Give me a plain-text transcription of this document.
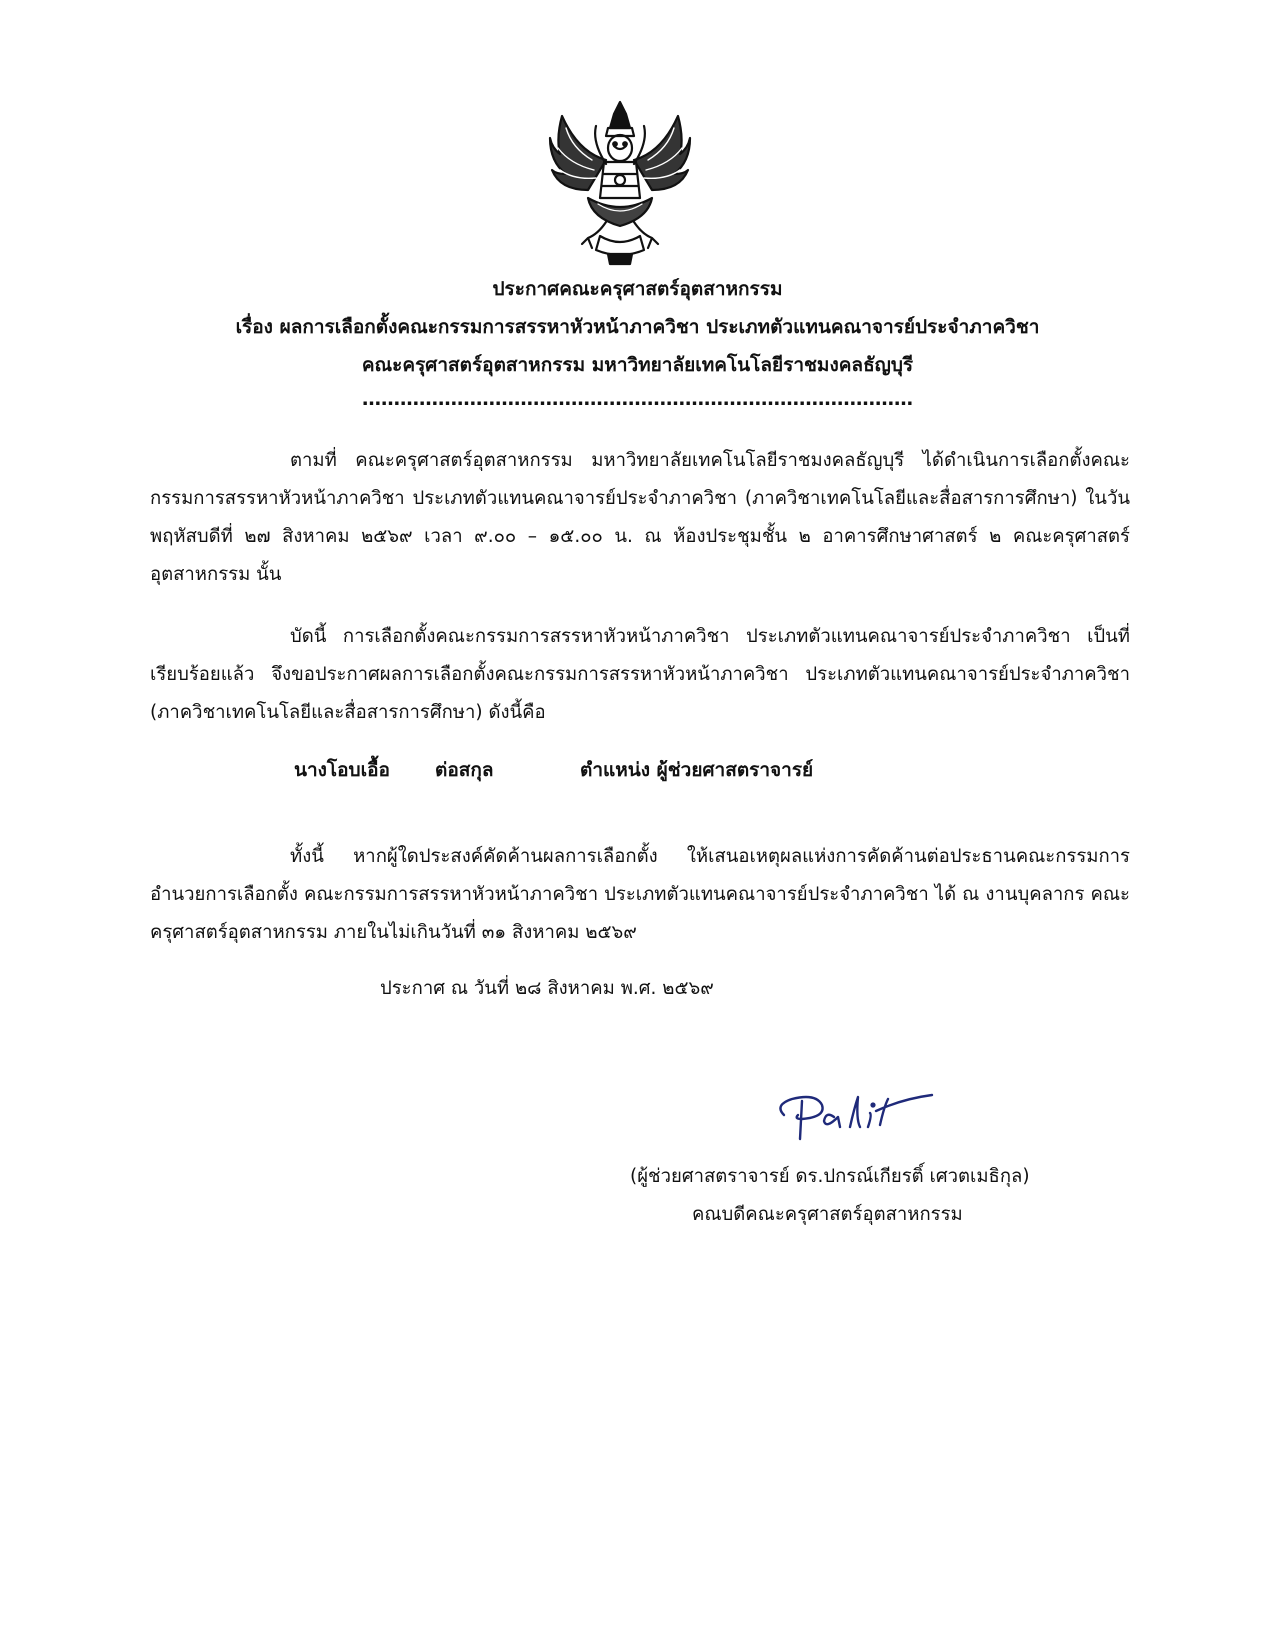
ประกาศคณะครุศาสตร์อุตสาหกรรม
เรื่อง ผลการเลือกตั้งคณะกรรมการสรรหาหัวหน้าภาควิชา ประเภทตัวแทนคณาจารย์ประจำภาควิชา
คณะครุศาสตร์อุตสาหกรรม มหาวิทยาลัยเทคโนโลยีราชมงคลธัญบุรี
……………………………………………………………………………
ตามที่ คณะครุศาสตร์อุตสาหกรรม มหาวิทยาลัยเทคโนโลยีราชมงคลธัญบุรี ได้ดำเนินการเลือกตั้งคณะกรรมการสรรหาหัวหน้าภาควิชา ประเภทตัวแทนคณาจารย์ประจำภาควิชา (ภาควิชาเทคโนโลยีและสื่อสารการศึกษา) ในวันพฤหัสบดีที่ ๒๗ สิงหาคม ๒๕๖๙ เวลา ๙.๐๐ – ๑๕.๐๐ น. ณ ห้องประชุมชั้น ๒ อาคารศึกษาศาสตร์ ๒ คณะครุศาสตร์อุตสาหกรรม นั้น
บัดนี้ การเลือกตั้งคณะกรรมการสรรหาหัวหน้าภาควิชา ประเภทตัวแทนคณาจารย์ประจำภาควิชา เป็นที่เรียบร้อยแล้ว จึงขอประกาศผลการเลือกตั้งคณะกรรมการสรรหาหัวหน้าภาควิชา ประเภทตัวแทนคณาจารย์ประจำภาควิชา (ภาควิชาเทคโนโลยีและสื่อสารการศึกษา) ดังนี้คือ
นางโอบเอื้อ ต่อสกุล	ตำแหน่ง ผู้ช่วยศาสตราจารย์
ทั้งนี้ หากผู้ใดประสงค์คัดค้านผลการเลือกตั้ง ให้เสนอเหตุผลแห่งการคัดค้านต่อประธานคณะกรรมการอำนวยการเลือกตั้ง คณะกรรมการสรรหาหัวหน้าภาควิชา ประเภทตัวแทนคณาจารย์ประจำภาควิชา ได้ ณ งานบุคลากร คณะครุศาสตร์อุตสาหกรรม ภายในไม่เกินวันที่ ๓๑ สิงหาคม ๒๕๖๙
ประกาศ ณ วันที่ ๒๘ สิงหาคม พ.ศ. ๒๕๖๙
(ผู้ช่วยศาสตราจารย์ ดร.ปกรณ์เกียรติ์ เศวตเมธิกุล)
คณบดีคณะครุศาสตร์อุตสาหกรรม
